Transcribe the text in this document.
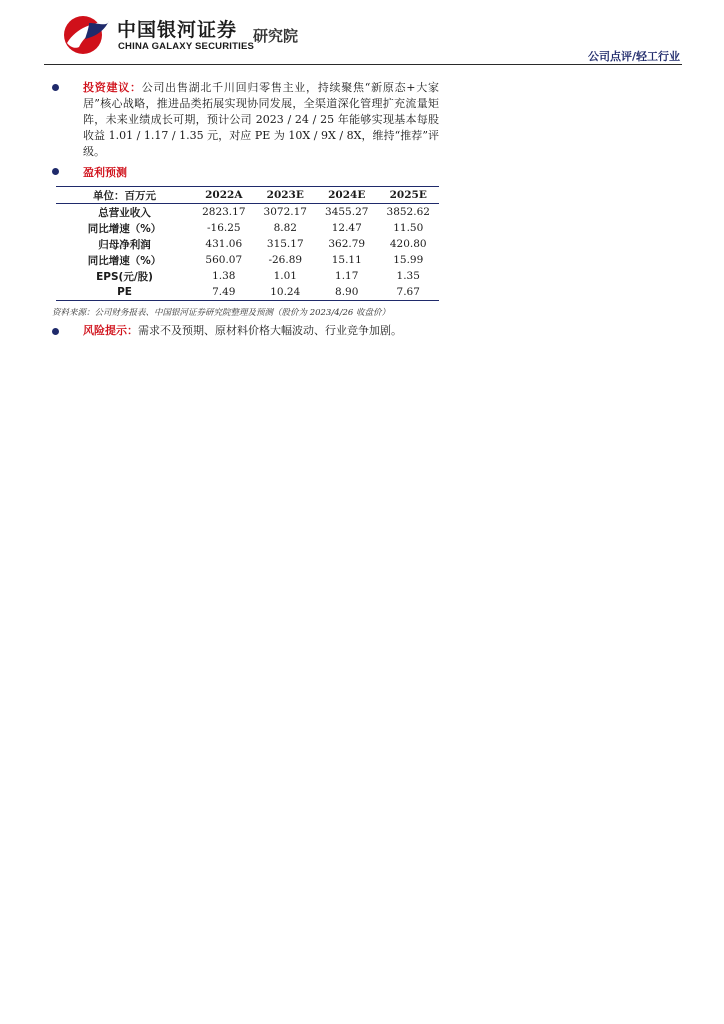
中国银河证券
CHINA GALAXY SECURITIES
研究院
公司点评/轻工行业
投资建议：公司出售湖北千川回归零售主业，持续聚焦“新原态+大家居”核心战略，推进品类拓展实现协同发展，全渠道深化管理扩充流量矩阵，未来业绩成长可期，预计公司 2023 / 24 / 25 年能够实现基本每股收益 1.01 / 1.17 / 1.35 元，对应 PE 为 10X / 9X / 8X，维持“推荐”评级。
盈利预测
单位：百万元	2022A	2023E	2024E	2025E
总营业收入	2823.17	3072.17	3455.27	3852.62
同比增速（%）	-16.25	8.82	12.47	11.50
归母净利润	431.06	315.17	362.79	420.80
同比增速（%）	560.07	-26.89	15.11	15.99
EPS(元/股)	1.38	1.01	1.17	1.35
PE	7.49	10.24	8.90	7.67
资料来源：公司财务报表、中国银河证券研究院整理及预测（股价为 2023/4/26 收盘价）
风险提示：需求不及预期、原材料价格大幅波动、行业竞争加剧。
